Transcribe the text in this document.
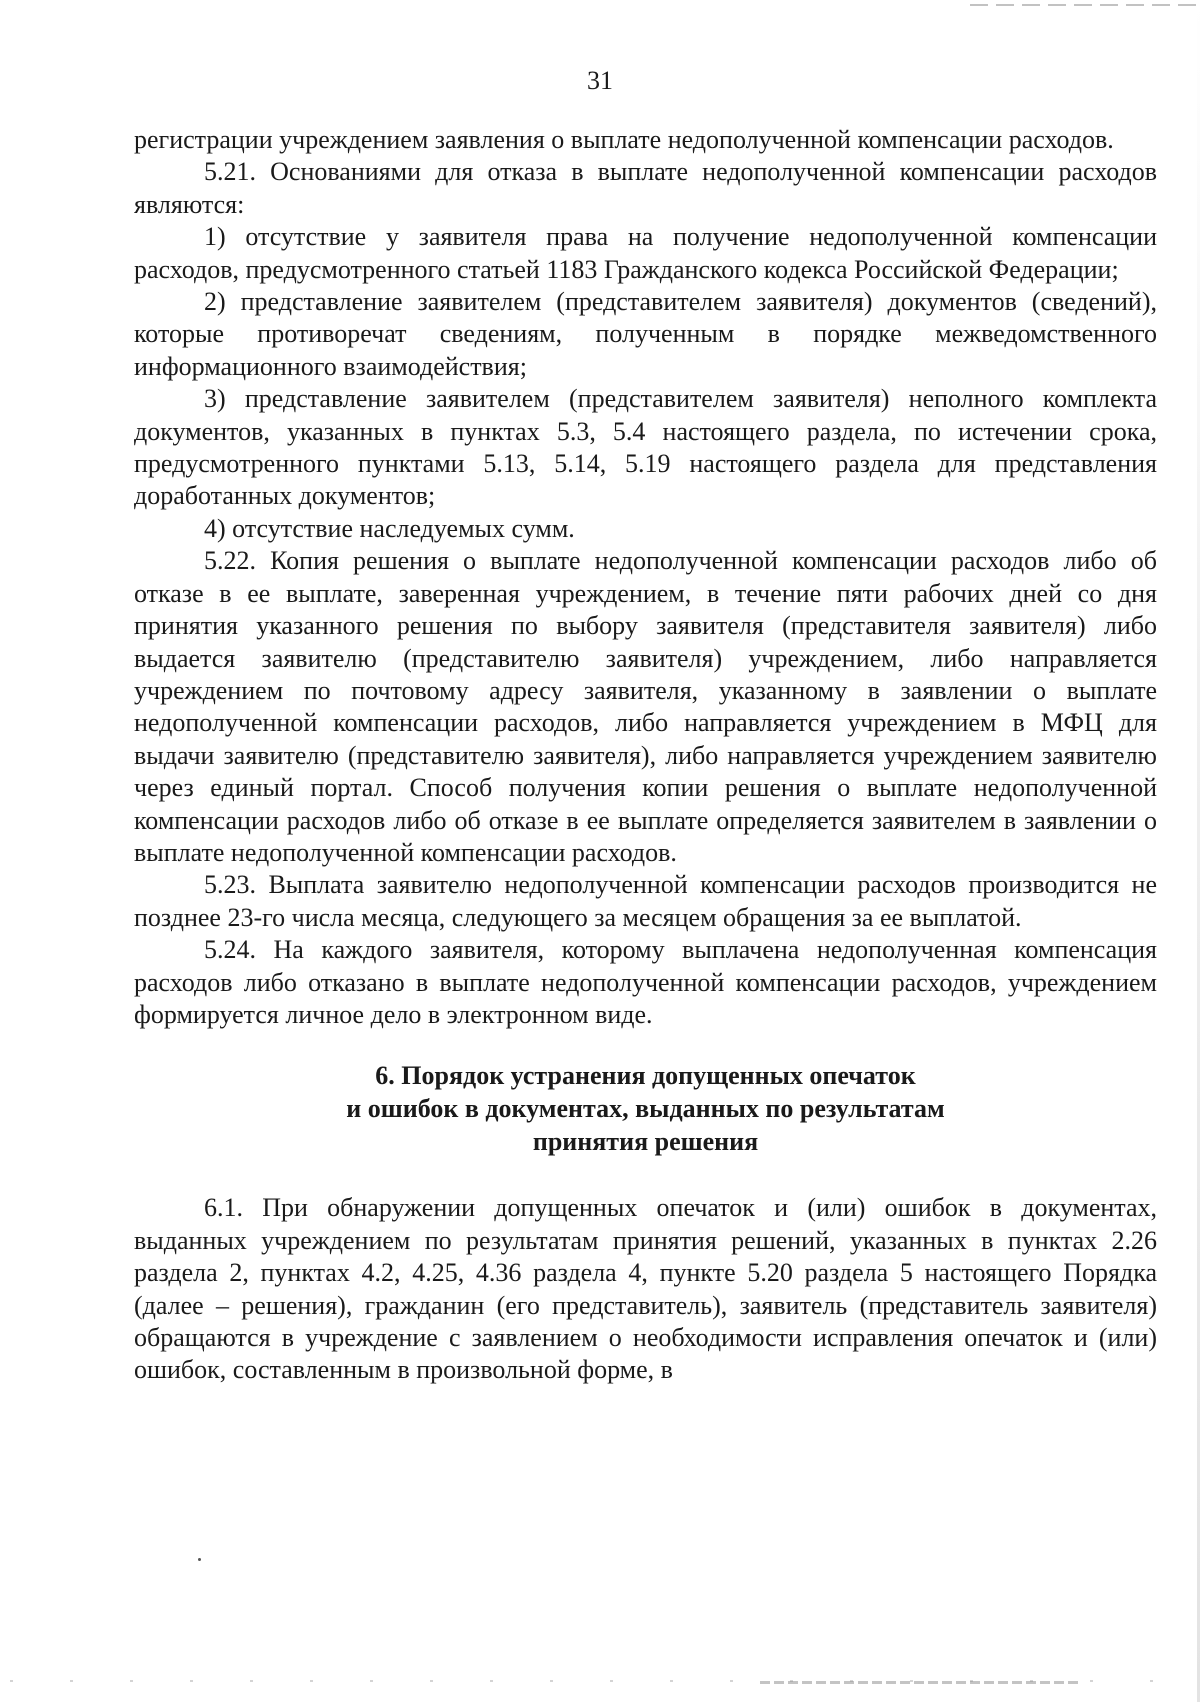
31

регистрации учреждением заявления о выплате недополученной компенсации расходов.

5.21. Основаниями для отказа в выплате недополученной компенсации расходов являются:

1) отсутствие у заявителя права на получение недополученной компенсации расходов, предусмотренного статьей 1183 Гражданского кодекса Российской Федерации;

2) представление заявителем (представителем заявителя) документов (сведений), которые противоречат сведениям, полученным в порядке межведомственного информационного взаимодействия;

3) представление заявителем (представителем заявителя) неполного комплекта документов, указанных в пунктах 5.3, 5.4 настоящего раздела, по истечении срока, предусмотренного пунктами 5.13, 5.14, 5.19 настоящего раздела для представления доработанных документов;

4) отсутствие наследуемых сумм.

5.22. Копия решения о выплате недополученной компенсации расходов либо об отказе в ее выплате, заверенная учреждением, в течение пяти рабочих дней со дня принятия указанного решения по выбору заявителя (представителя заявителя) либо выдается заявителю (представителю заявителя) учреждением, либо направляется учреждением по почтовому адресу заявителя, указанному в заявлении о выплате недополученной компенсации расходов, либо направляется учреждением в МФЦ для выдачи заявителю (представителю заявителя), либо направляется учреждением заявителю через единый портал. Способ получения копии решения о выплате недополученной компенсации расходов либо об отказе в ее выплате определяется заявителем в заявлении о выплате недополученной компенсации расходов.

5.23. Выплата заявителю недополученной компенсации расходов производится не позднее 23-го числа месяца, следующего за месяцем обращения за ее выплатой.

5.24. На каждого заявителя, которому выплачена недополученная компенсация расходов либо отказано в выплате недополученной компенсации расходов, учреждением формируется личное дело в электронном виде.

6. Порядок устранения допущенных опечаток
и ошибок в документах, выданных по результатам
принятия решения

6.1. При обнаружении допущенных опечаток и (или) ошибок в документах, выданных учреждением по результатам принятия решений, указанных в пунктах 2.26 раздела 2, пунктах 4.2, 4.25, 4.36 раздела 4, пункте 5.20 раздела 5 настоящего Порядка (далее – решения), гражданин (его представитель), заявитель (представитель заявителя) обращаются в учреждение с заявлением о необходимости исправления опечаток и (или) ошибок, составленным в произвольной форме, в
